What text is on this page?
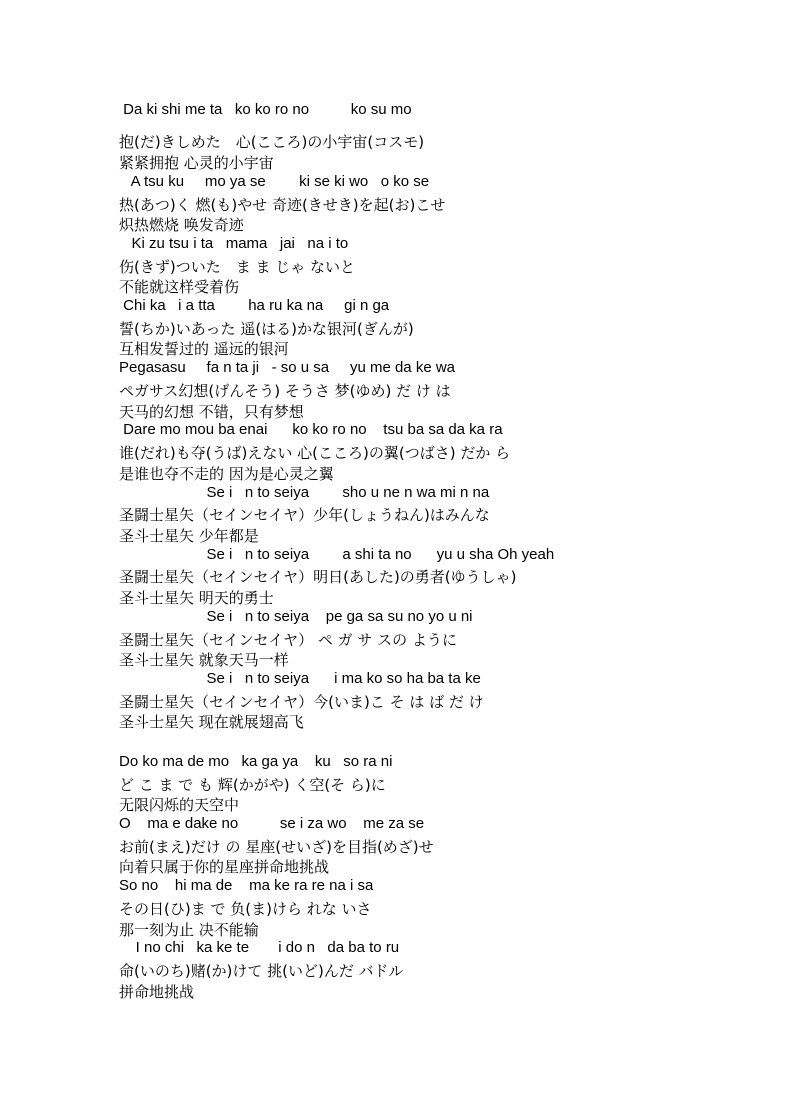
Da ki shi me ta   ko ko ro no          ko su mo
抱(だ)きしめた　心(こころ)の小宇宙(コスモ)
紧紧拥抱 心灵的小宇宙
A tsu ku     mo ya se        ki se ki wo   o ko se
热(あつ)く 燃(も)やせ 奇迹(きせき)を起(お)こせ
炽热燃烧 唤发奇迹
Ki zu tsu i ta   mama   jai   na i to
伤(きず)ついた　ま ま じゃ ないと
不能就这样受着伤
Chi ka   i a tta        ha ru ka na     gi n ga
誓(ちか)いあった 遥(はる)かな银河(ぎんが)
互相发誓过的 遥远的银河
Pegasasu     fa n ta ji   - so u sa     yu me da ke wa
ペガサス幻想(げんそう) そうさ 梦(ゆめ) だ け は
天马的幻想 不错，只有梦想
Dare mo mou ba enai      ko ko ro no    tsu ba sa da ka ra
谁(だれ)も夺(うば)えない 心(こころ)の翼(つばさ) だか ら
是谁也夺不走的 因为是心灵之翼
Se i   n to seiya        sho u ne n wa mi n na
圣闘士星矢（セインセイヤ）少年(しょうねん)はみんな
圣斗士星矢 少年都是
Se i   n to seiya        a shi ta no      yu u sha Oh yeah
圣闘士星矢（セインセイヤ）明日(あした)の勇者(ゆうしゃ)
圣斗士星矢 明天的勇士
Se i   n to seiya    pe ga sa su no yo u ni
圣闘士星矢（セインセイヤ） ペ ガ サ スの ように
圣斗士星矢 就象天马一样
Se i   n to seiya      i ma ko so ha ba ta ke
圣闘士星矢（セインセイヤ）今(いま)こ そ は ば だ け
圣斗士星矢 现在就展翅高飞
Do ko ma de mo   ka ga ya    ku   so ra ni
ど こ ま で も 辉(かがや) く空(そ ら)に
无限闪烁的天空中
O    ma e dake no          se i za wo    me za se
お前(まえ)だけ の 星座(せいざ)を目指(めざ)せ
向着只属于你的星座拼命地挑战
So no    hi ma de    ma ke ra re na i sa
その日(ひ)ま で 负(ま)けら れな いさ
那一刻为止 决不能输
I no chi   ka ke te       i do n   da ba to ru
命(いのち)赌(か)けて 挑(いど)んだ バドル
拼命地挑战
